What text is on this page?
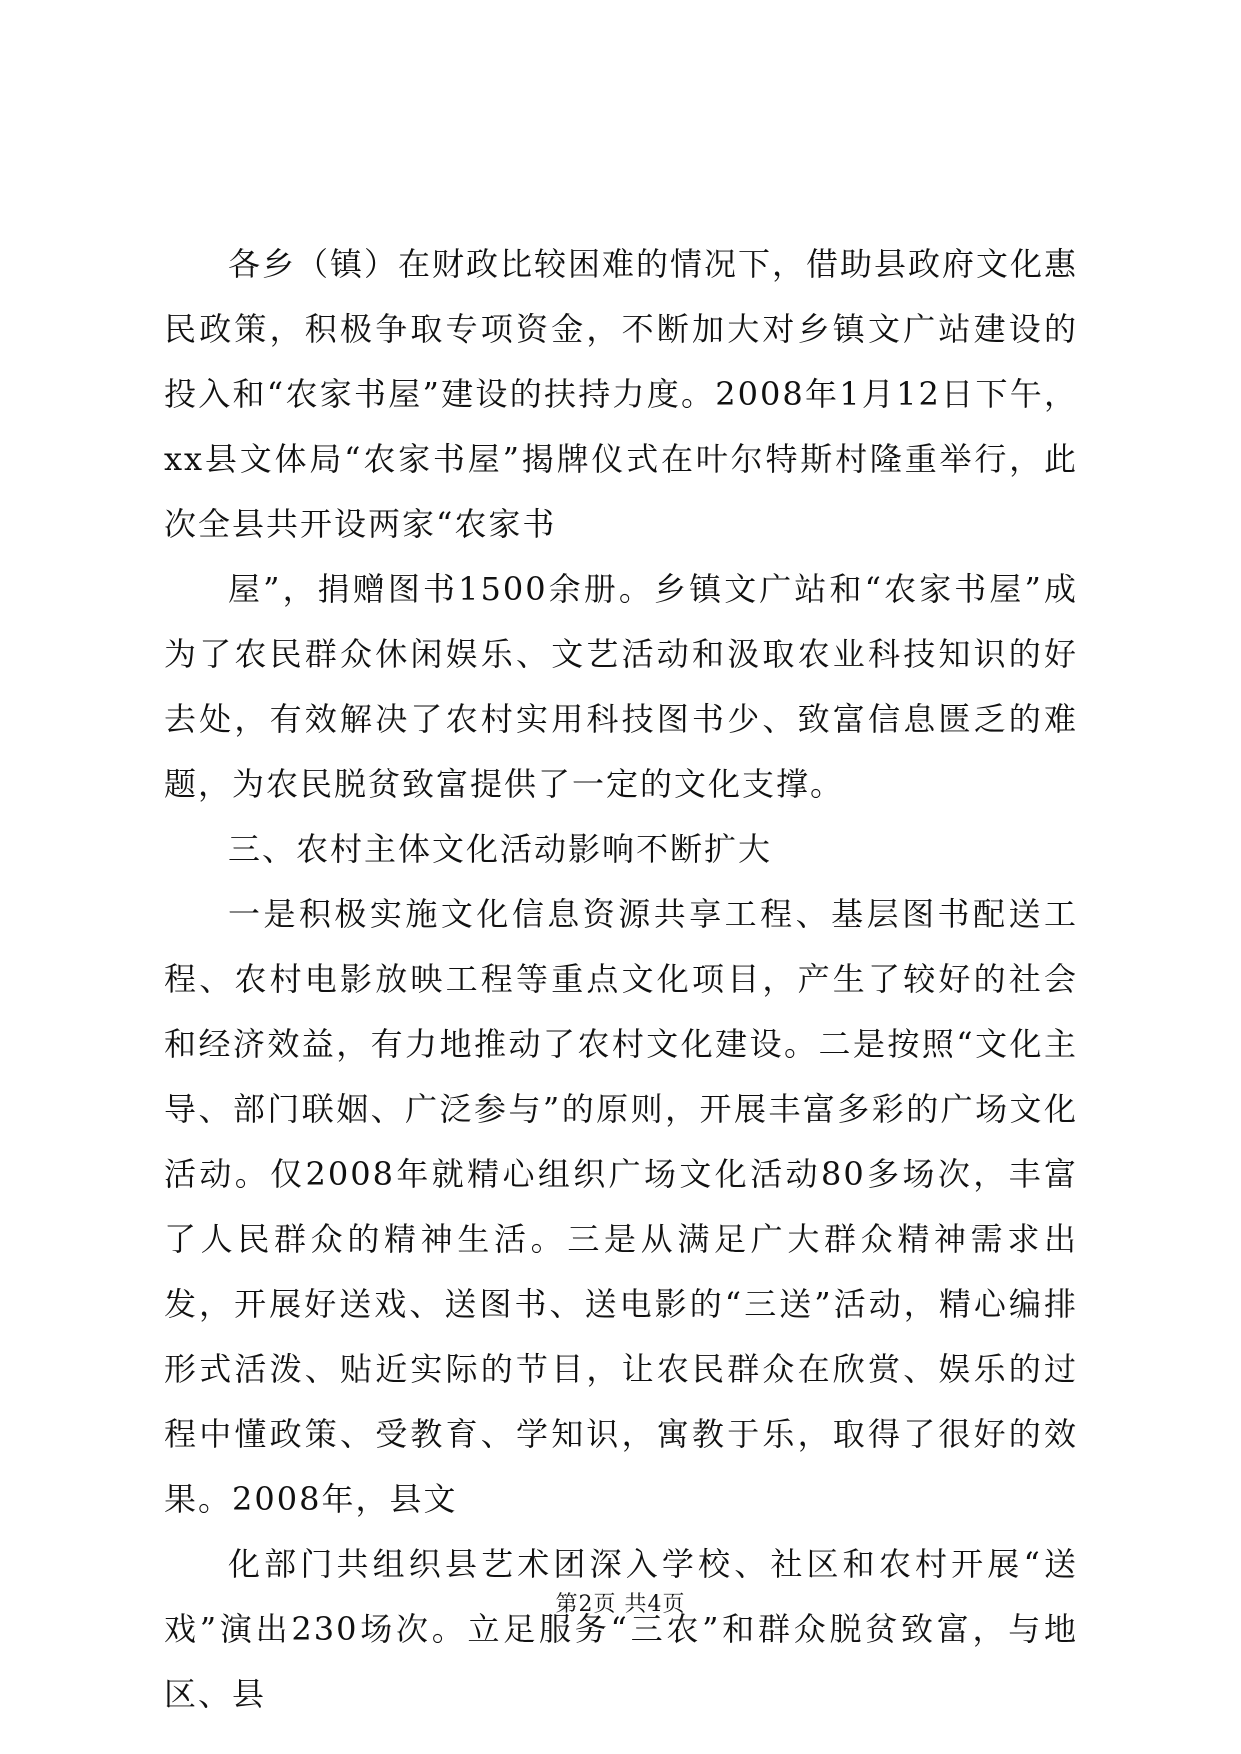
各乡（镇）在财政比较困难的情况下，借助县政府文化惠民政策，积极争取专项资金，不断加大对乡镇文广站建设的投入和“农家书屋”建设的扶持力度。2008年1月12日下午，xx县文体局“农家书屋”揭牌仪式在叶尔特斯村隆重举行，此次全县共开设两家“农家书

屋”，捐赠图书1500余册。乡镇文广站和“农家书屋”成为了农民群众休闲娱乐、文艺活动和汲取农业科技知识的好去处，有效解决了农村实用科技图书少、致富信息匮乏的难题，为农民脱贫致富提供了一定的文化支撑。

三、农村主体文化活动影响不断扩大

一是积极实施文化信息资源共享工程、基层图书配送工程、农村电影放映工程等重点文化项目，产生了较好的社会和经济效益，有力地推动了农村文化建设。二是按照“文化主导、部门联姻、广泛参与”的原则，开展丰富多彩的广场文化活动。仅2008年就精心组织广场文化活动80多场次，丰富了人民群众的精神生活。三是从满足广大群众精神需求出发，开展好送戏、送图书、送电影的“三送”活动，精心编排形式活泼、贴近实际的节目，让农民群众在欣赏、娱乐的过程中懂政策、受教育、学知识，寓教于乐，取得了很好的效果。2008年，县文

化部门共组织县艺术团深入学校、社区和农村开展“送戏”演出230场次。立足服务“三农”和群众脱贫致富，与地区、县

第2页 共4页
